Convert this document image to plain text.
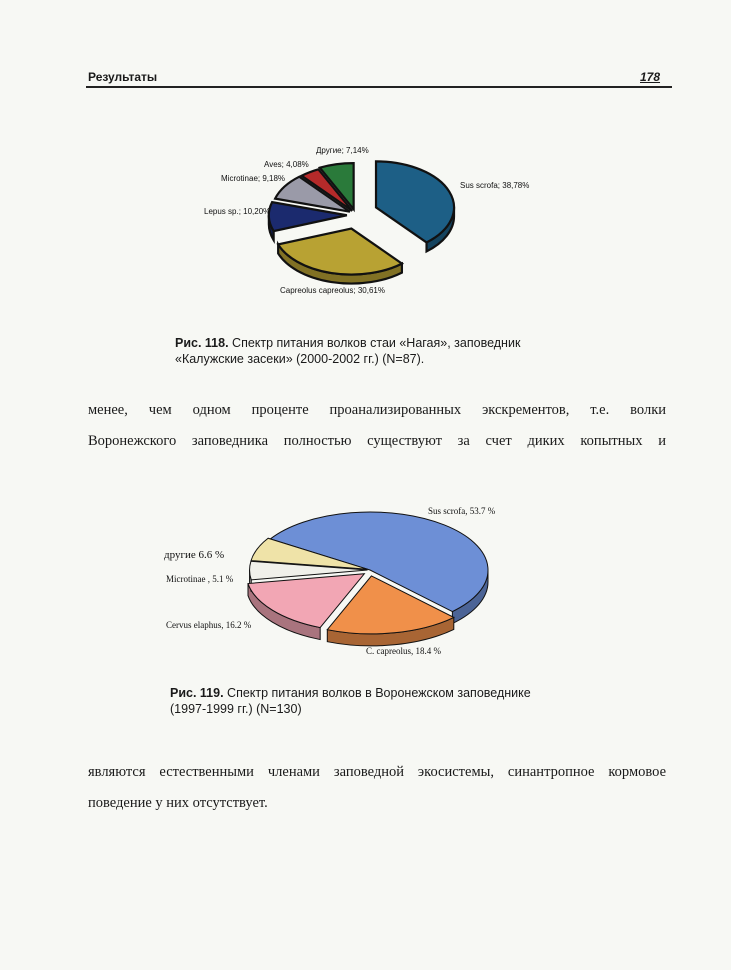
Результаты	178
Sus scrofa; 38,78%
Capreolus capreolus; 30,61%
Lepus sp.; 10,20%
Microtinae; 9,18%
Aves; 4,08%
Другие; 7,14%
Рис. 118. Спектр питания волков стаи «Нагая», заповедник
«Калужские засеки» (2000-2002 гг.) (N=87).
менее, чем одном проценте проанализированных экскрементов, т.е. волки
Воронежского заповедника полностью существуют за счет диких копытных и
Sus scrofa, 53.7 %
C. capreolus, 18.4 %
Cervus elaphus, 16.2 %
Microtinae , 5.1 %
другие 6.6 %
Рис. 119. Спектр питания волков в Воронежском заповеднике
(1997-1999 гг.) (N=130)
являются естественными членами заповедной экосистемы, синантропное кормовое
поведение у них отсутствует.
